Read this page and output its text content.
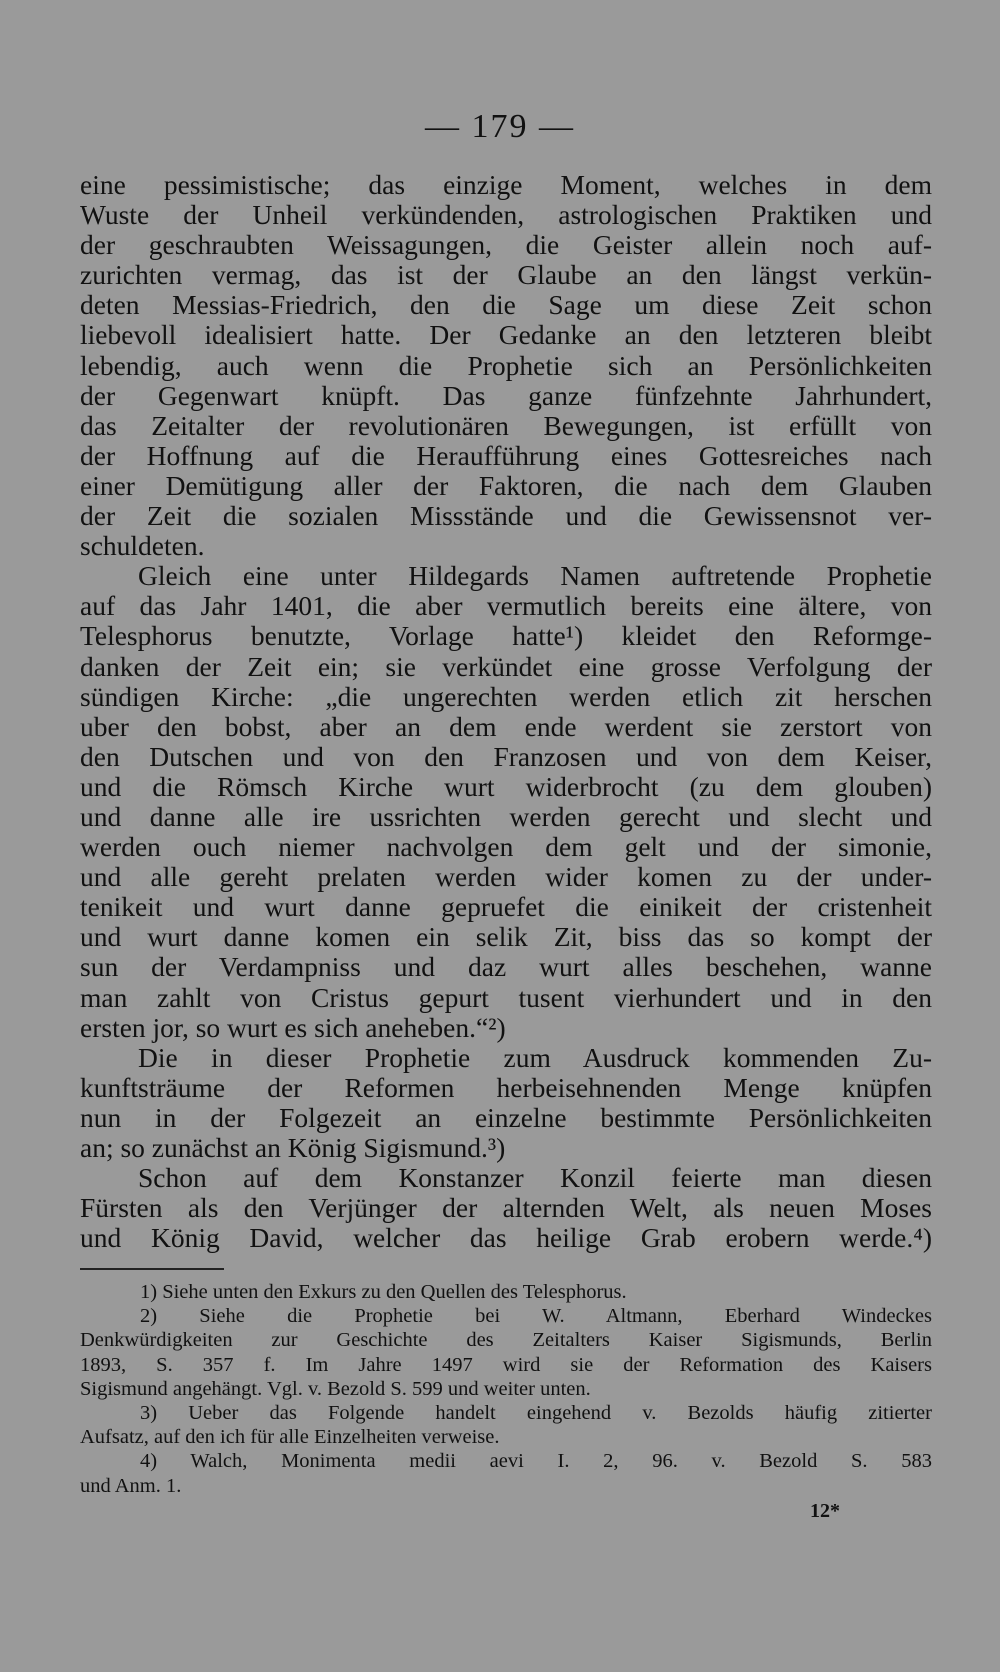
— 179 —
eine pessimistische; das einzige Moment, welches in dem
Wuste der Unheil verkündenden, astrologischen Praktiken und
der geschraubten Weissagungen, die Geister allein noch auf-
zurichten vermag, das ist der Glaube an den längst verkün-
deten Messias-Friedrich, den die Sage um diese Zeit schon
liebevoll idealisiert hatte. Der Gedanke an den letzteren bleibt
lebendig, auch wenn die Prophetie sich an Persönlichkeiten
der Gegenwart knüpft. Das ganze fünfzehnte Jahrhundert,
das Zeitalter der revolutionären Bewegungen, ist erfüllt von
der Hoffnung auf die Heraufführung eines Gottesreiches nach
einer Demütigung aller der Faktoren, die nach dem Glauben
der Zeit die sozialen Missstände und die Gewissensnot ver-
schuldeten.
Gleich eine unter Hildegards Namen auftretende Prophetie
auf das Jahr 1401, die aber vermutlich bereits eine ältere, von
Telesphorus benutzte, Vorlage hatte¹) kleidet den Reformge-
danken der Zeit ein; sie verkündet eine grosse Verfolgung der
sündigen Kirche: „die ungerechten werden etlich zit herschen
uber den bobst, aber an dem ende werdent sie zerstort von
den Dutschen und von den Franzosen und von dem Keiser,
und die Römsch Kirche wurt widerbrocht (zu dem glouben)
und danne alle ire ussrichten werden gerecht und slecht und
werden ouch niemer nachvolgen dem gelt und der simonie,
und alle gereht prelaten werden wider komen zu der under-
tenikeit und wurt danne gepruefet die einikeit der cristenheit
und wurt danne komen ein selik Zit, biss das so kompt der
sun der Verdampniss und daz wurt alles beschehen, wanne
man zahlt von Cristus gepurt tusent vierhundert und in den
ersten jor, so wurt es sich aneheben.“²)
Die in dieser Prophetie zum Ausdruck kommenden Zu-
kunftsträume der Reformen herbeisehnenden Menge knüpfen
nun in der Folgezeit an einzelne bestimmte Persönlichkeiten
an; so zunächst an König Sigismund.³)
Schon auf dem Konstanzer Konzil feierte man diesen
Fürsten als den Verjünger der alternden Welt, als neuen Moses
und König David, welcher das heilige Grab erobern werde.⁴)
1) Siehe unten den Exkurs zu den Quellen des Telesphorus.
2) Siehe die Prophetie bei W. Altmann, Eberhard Windeckes
Denkwürdigkeiten zur Geschichte des Zeitalters Kaiser Sigismunds, Berlin
1893, S. 357 f. Im Jahre 1497 wird sie der Reformation des Kaisers
Sigismund angehängt. Vgl. v. Bezold S. 599 und weiter unten.
3) Ueber das Folgende handelt eingehend v. Bezolds häufig zitierter
Aufsatz, auf den ich für alle Einzelheiten verweise.
4) Walch, Monimenta medii aevi I. 2, 96. v. Bezold S. 583
und Anm. 1.
12*
